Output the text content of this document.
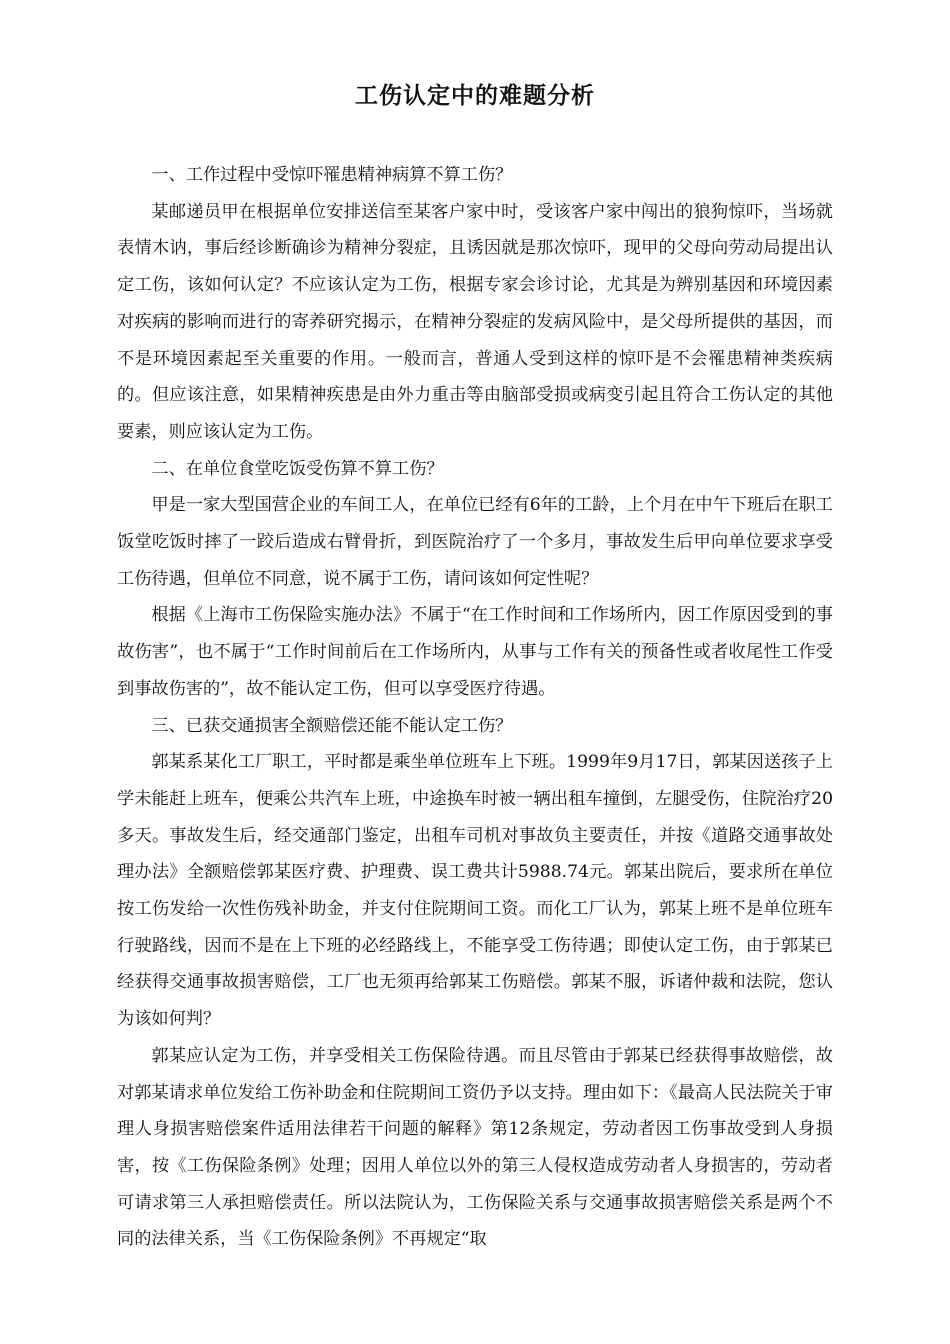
工伤认定中的难题分析

一、工作过程中受惊吓罹患精神病算不算工伤？

某邮递员甲在根据单位安排送信至某客户家中时，受该客户家中闯出的狼狗惊吓，当场就表情木讷，事后经诊断确诊为精神分裂症，且诱因就是那次惊吓，现甲的父母向劳动局提出认定工伤，该如何认定？不应该认定为工伤，根据专家会诊讨论，尤其是为辨别基因和环境因素对疾病的影响而进行的寄养研究揭示，在精神分裂症的发病风险中，是父母所提供的基因，而不是环境因素起至关重要的作用。一般而言，普通人受到这样的惊吓是不会罹患精神类疾病的。但应该注意，如果精神疾患是由外力重击等由脑部受损或病变引起且符合工伤认定的其他要素，则应该认定为工伤。

二、在单位食堂吃饭受伤算不算工伤？

甲是一家大型国营企业的车间工人，在单位已经有6年的工龄，上个月在中午下班后在职工饭堂吃饭时摔了一跤后造成右臂骨折，到医院治疗了一个多月，事故发生后甲向单位要求享受工伤待遇，但单位不同意，说不属于工伤，请问该如何定性呢？

根据《上海市工伤保险实施办法》不属于“在工作时间和工作场所内，因工作原因受到的事故伤害”，也不属于“工作时间前后在工作场所内，从事与工作有关的预备性或者收尾性工作受到事故伤害的”，故不能认定工伤，但可以享受医疗待遇。

三、已获交通损害全额赔偿还能不能认定工伤？

郭某系某化工厂职工，平时都是乘坐单位班车上下班。1999年9月17日，郭某因送孩子上学未能赶上班车，便乘公共汽车上班，中途换车时被一辆出租车撞倒，左腿受伤，住院治疗20多天。事故发生后，经交通部门鉴定，出租车司机对事故负主要责任，并按《道路交通事故处理办法》全额赔偿郭某医疗费、护理费、误工费共计5988.74元。郭某出院后，要求所在单位按工伤发给一次性伤残补助金，并支付住院期间工资。而化工厂认为，郭某上班不是单位班车行驶路线，因而不是在上下班的必经路线上，不能享受工伤待遇；即使认定工伤，由于郭某已经获得交通事故损害赔偿，工厂也无须再给郭某工伤赔偿。郭某不服，诉诸仲裁和法院，您认为该如何判？

郭某应认定为工伤，并享受相关工伤保险待遇。而且尽管由于郭某已经获得事故赔偿，故对郭某请求单位发给工伤补助金和住院期间工资仍予以支持。理由如下：《最高人民法院关于审理人身损害赔偿案件适用法律若干问题的解释》第12条规定，劳动者因工伤事故受到人身损害，按《工伤保险条例》处理；因用人单位以外的第三人侵权造成劳动者人身损害的，劳动者可请求第三人承担赔偿责任。所以法院认为，工伤保险关系与交通事故损害赔偿关系是两个不同的法律关系，当《工伤保险条例》不再规定“取
